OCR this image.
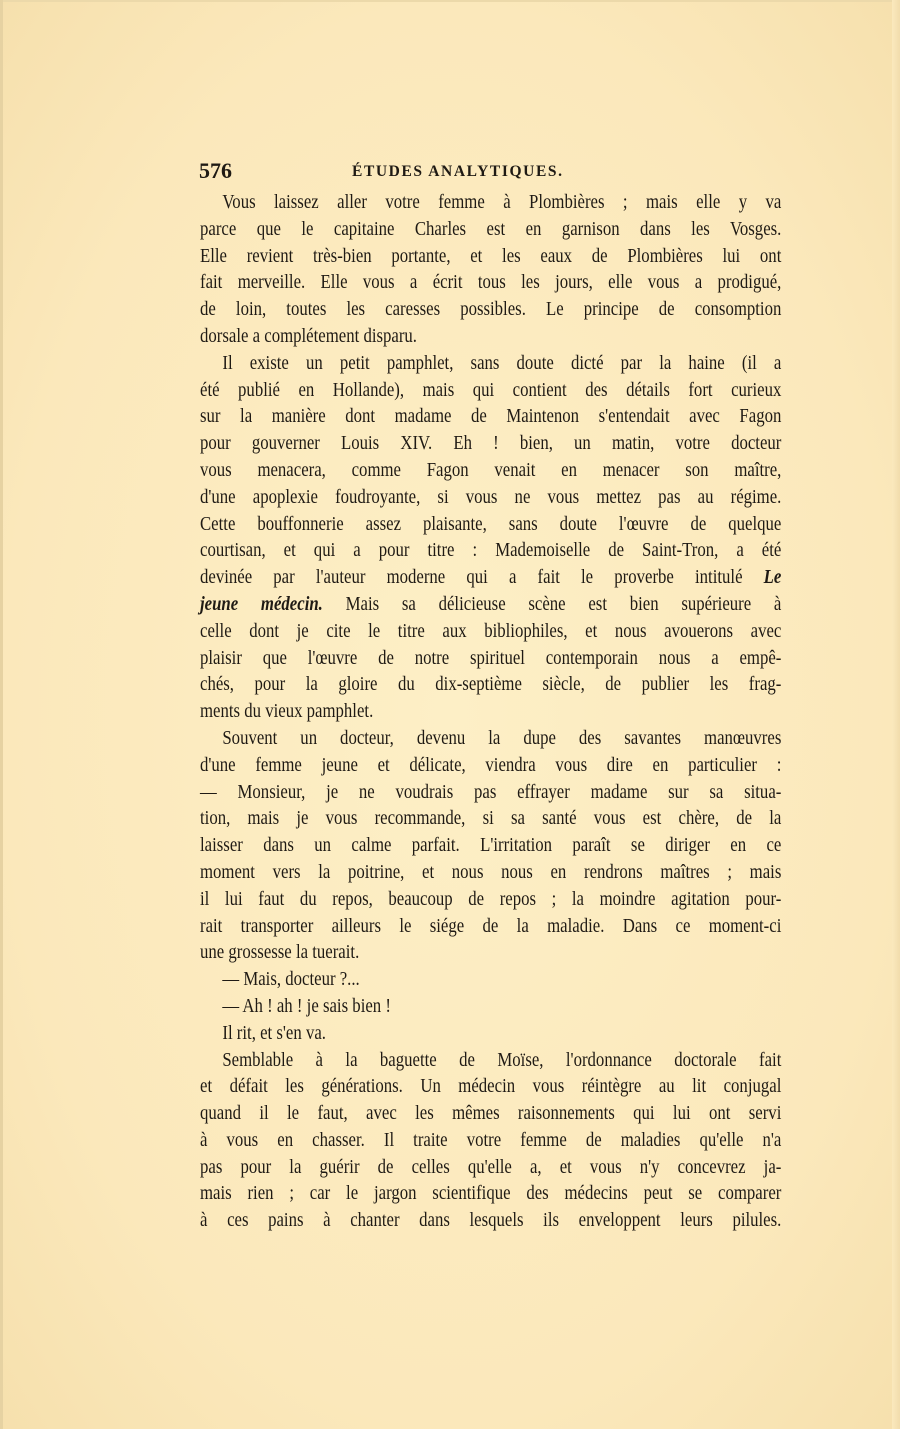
576	ÉTUDES ANALYTIQUES.
Vous laissez aller votre femme à Plombières ; mais elle y va
parce que le capitaine Charles est en garnison dans les Vosges.
Elle revient très-bien portante, et les eaux de Plombières lui ont
fait merveille. Elle vous a écrit tous les jours, elle vous a prodigué,
de loin, toutes les caresses possibles. Le principe de consomption
dorsale a complétement disparu.
Il existe un petit pamphlet, sans doute dicté par la haine (il a
été publié en Hollande), mais qui contient des détails fort curieux
sur la manière dont madame de Maintenon s'entendait avec Fagon
pour gouverner Louis XIV. Eh ! bien, un matin, votre docteur
vous menacera, comme Fagon venait en menacer son maître,
d'une apoplexie foudroyante, si vous ne vous mettez pas au régime.
Cette bouffonnerie assez plaisante, sans doute l'œuvre de quelque
courtisan, et qui a pour titre : Mademoiselle de Saint-Tron, a été
devinée par l'auteur moderne qui a fait le proverbe intitulé Le
jeune médecin. Mais sa délicieuse scène est bien supérieure à
celle dont je cite le titre aux bibliophiles, et nous avouerons avec
plaisir que l'œuvre de notre spirituel contemporain nous a empê-
chés, pour la gloire du dix-septième siècle, de publier les frag-
ments du vieux pamphlet.
Souvent un docteur, devenu la dupe des savantes manœuvres
d'une femme jeune et délicate, viendra vous dire en particulier :
— Monsieur, je ne voudrais pas effrayer madame sur sa situa-
tion, mais je vous recommande, si sa santé vous est chère, de la
laisser dans un calme parfait. L'irritation paraît se diriger en ce
moment vers la poitrine, et nous nous en rendrons maîtres ; mais
il lui faut du repos, beaucoup de repos ; la moindre agitation pour-
rait transporter ailleurs le siége de la maladie. Dans ce moment-ci
une grossesse la tuerait.
— Mais, docteur ?...
— Ah ! ah ! je sais bien !
Il rit, et s'en va.
Semblable à la baguette de Moïse, l'ordonnance doctorale fait
et défait les générations. Un médecin vous réintègre au lit conjugal
quand il le faut, avec les mêmes raisonnements qui lui ont servi
à vous en chasser. Il traite votre femme de maladies qu'elle n'a
pas pour la guérir de celles qu'elle a, et vous n'y concevrez ja-
mais rien ; car le jargon scientifique des médecins peut se comparer
à ces pains à chanter dans lesquels ils enveloppent leurs pilules.
